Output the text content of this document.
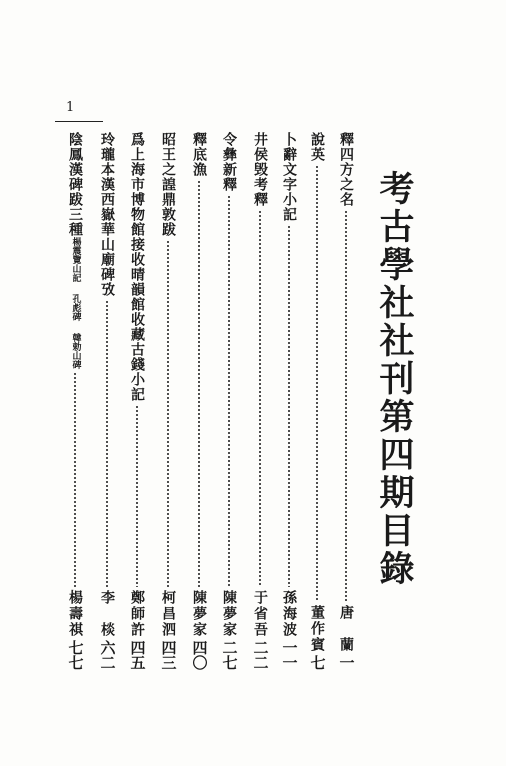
1
考古學社社刊第四期目錄
釋四方之名
唐　蘭
一
說英
董作賓
七
卜辭文字小記
孫海波
一一
井侯毁考釋
于省吾
二二
令彝新釋
陳夢家
二七
釋底漁
陳夢家
四〇
昭王之諻鼎敦跋
柯昌泗
四三
爲上海市博物館接收晴韻館收藏古錢小記
鄭師許
四五
玲瓏本漢西嶽華山廟碑攷
李　棪
六二
陰鳳漢碑跋三種
楊震覽山記
孔彪碑
韓勅山碑
楊壽祺
七七
